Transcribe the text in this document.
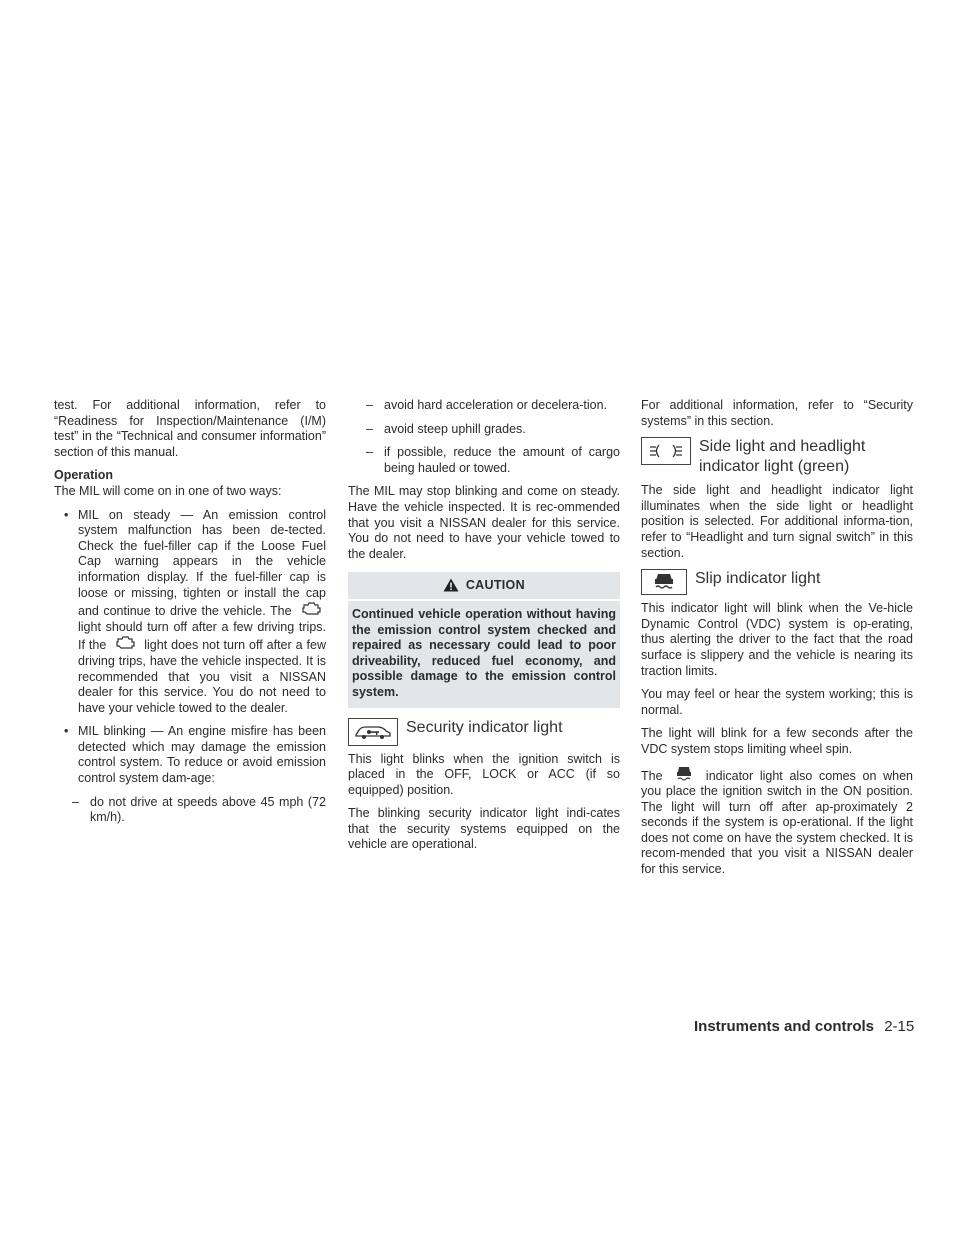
test. For additional information, refer to “Readiness for Inspection/Maintenance (I/M) test” in the “Technical and consumer information” section of this manual.

Operation

The MIL will come on in one of two ways:

• MIL on steady — An emission control system malfunction has been de-tected. Check the fuel-filler cap if the Loose Fuel Cap warning appears in the vehicle information display. If the fuel-filler cap is loose or missing, tighten or install the cap and continue to drive the vehicle. The  light should turn off after a few driving trips. If the	light does not turn off after a few driving trips, have the vehicle inspected. It is recommended that you visit a NISSAN dealer for this service. You do not need to have your vehicle towed to the dealer.
• MIL blinking — An engine misfire has been detected which may damage the emission control system. To reduce or avoid emission control system dam-age:
– do not drive at speeds above 45 mph (72 km/h).
– avoid hard acceleration or decelera-tion.
– avoid steep uphill grades.
– if possible, reduce the amount of cargo being hauled or towed.

The MIL may stop blinking and come on steady. Have the vehicle inspected. It is rec-ommended that you visit a NISSAN dealer for this service. You do not need to have your vehicle towed to the dealer.

CAUTION
Continued vehicle operation without having the emission control system checked and repaired as necessary could lead to poor driveability, reduced fuel economy, and possible damage to the emission control system.
Security indicator light

This light blinks when the ignition switch is placed in the OFF, LOCK or ACC (if so equipped) position.

The blinking security indicator light indi-cates that the security systems equipped on the vehicle are operational.

For additional information, refer to “Security systems” in this section.

Side light and headlight
indicator light (green)

The side light and headlight indicator light illuminates when the side light or headlight position is selected. For additional informa-tion, refer to “Headlight and turn signal switch” in this section.

Slip indicator light

This indicator light will blink when the Ve-hicle Dynamic Control (VDC) system is op-erating, thus alerting the driver to the fact that the road surface is slippery and the vehicle is nearing its traction limits.

You may feel or hear the system working; this is normal.

The light will blink for a few seconds after the VDC system stops limiting wheel spin.

The	indicator light also comes on when you place the ignition switch in the ON position. The light will turn off after ap-proximately 2 seconds if the system is op-erational. If the light does not come on have the system checked. It is recom-mended that you visit a NISSAN dealer for this service.

Instruments and controls 2-15
